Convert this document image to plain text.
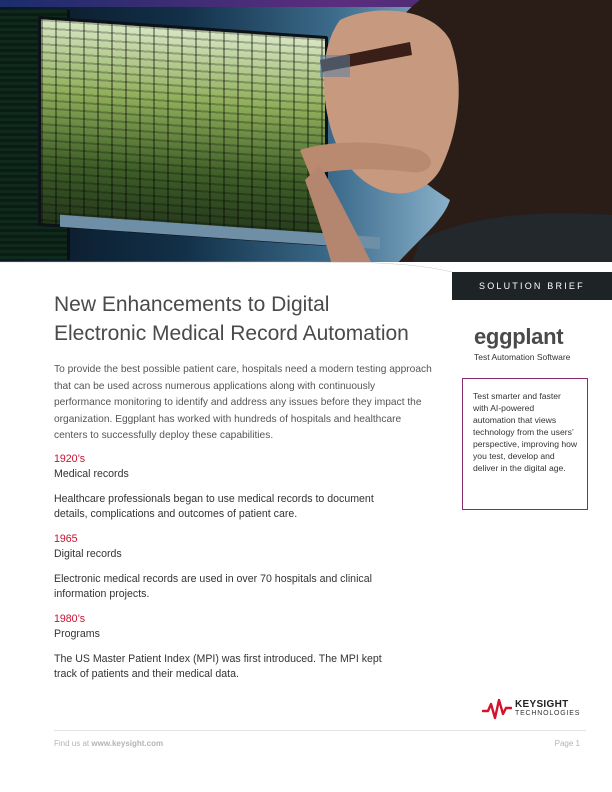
SOLUTION BRIEF
New Enhancements to Digital
Electronic Medical Record Automation	eggplant
Test Automation Software

To provide the best possible patient care, hospitals need a modern testing approach that can be used across numerous applications along with continuously performance monitoring to identify and address any issues before they impact the organization. Eggplant has worked with hundreds of hospitals and healthcare centers to successfully deploy these capabilities.

1920’s
Medical records
Healthcare professionals began to use medical records to document details, complications and outcomes of patient care.
1965
Digital records
Electronic medical records are used in over 70 hospitals and clinical information projects.
1980’s
Programs
The US Master Patient Index (MPI) was first introduced. The MPI kept track of patients and their medical data.
Test smarter and faster with AI-powered automation that views technology from the users’ perspective, improving how you test, develop and deliver in the digital age.
KEYSIGHT
TECHNOLOGIES
Find us at www.keysight.com	Page 1
